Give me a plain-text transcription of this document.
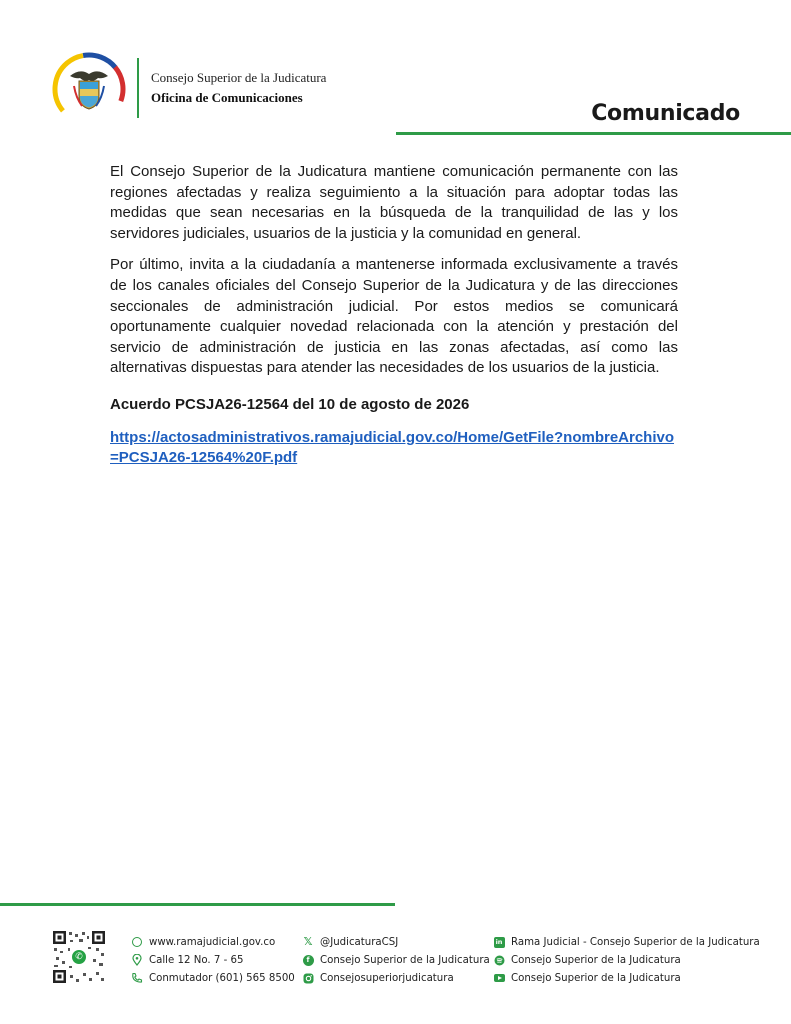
Consejo Superior de la Judicatura
Oficina de Comunicaciones
Comunicado

El Consejo Superior de la Judicatura mantiene comunicación permanente con las regiones afectadas y realiza seguimiento a la situación para adoptar todas las medidas que sean necesarias en la búsqueda de la tranquilidad de las y los servidores judiciales, usuarios de la justicia y la comunidad en general.

Por último, invita a la ciudadanía a mantenerse informada exclusivamente a través de los canales oficiales del Consejo Superior de la Judicatura y de las direcciones seccionales de administración judicial. Por estos medios se comunicará oportunamente cualquier novedad relacionada con la atención y prestación del servicio de administración de justicia en las zonas afectadas, así como las alternativas dispuestas para atender las necesidades de los usuarios de la justicia.

Acuerdo PCSJA26-12564 del 10 de agosto de 2026

https://actosadministrativos.ramajudicial.gov.co/Home/GetFile?nombreArchivo=PCSJA26-12564%20F.pdf

✆
www.ramajudicial.gov.co
Calle 12 No. 7 - 65
Conmutador (601) 565 8500
𝕏 @JudicaturaCSJ
f	Consejo Superior de la Judicatura
Consejosuperiorjudicatura
in Rama Judicial - Consejo Superior de la Judicatura
Consejo Superior de la Judicatura
Consejo Superior de la Judicatura
